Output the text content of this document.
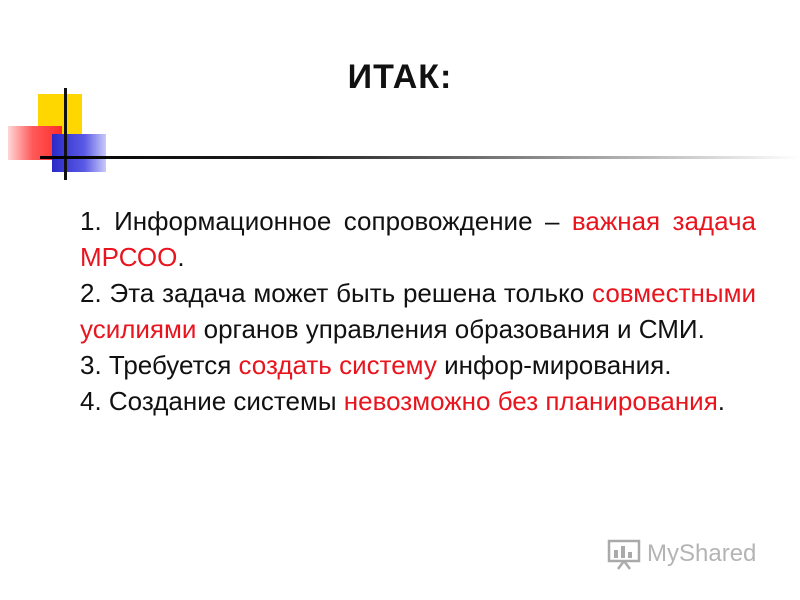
ИТАК:

1. Информационное сопровождение – важная задача МРСОО.

2. Эта задача может быть решена только совместными усилиями органов управления образования и СМИ.

3. Требуется создать систему инфор-мирования.

4. Создание системы невозможно без планирования.

MyShared
